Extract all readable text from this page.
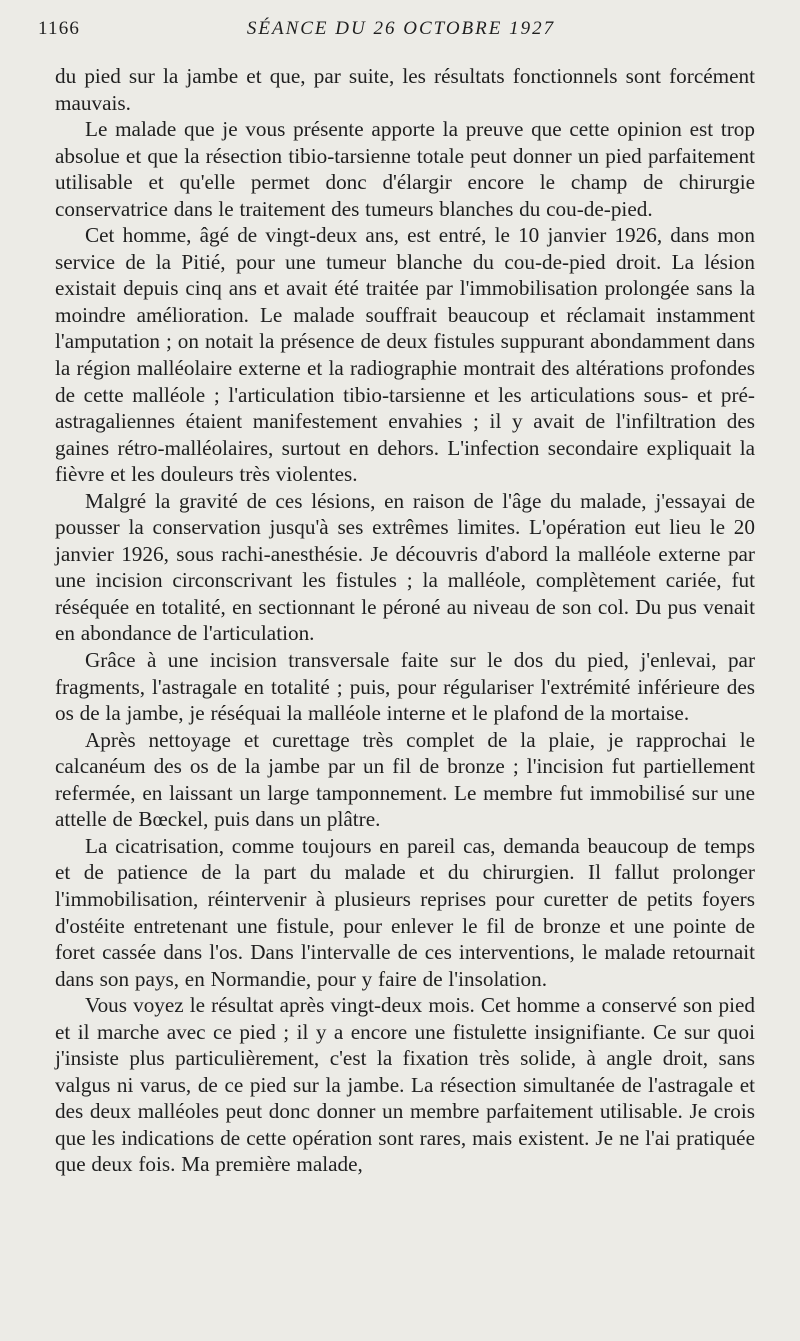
1166	SÉANCE DU 26 OCTOBRE 1927

du pied sur la jambe et que, par suite, les résultats fonctionnels sont forcément mauvais.

Le malade que je vous présente apporte la preuve que cette opinion est trop absolue et que la résection tibio-tarsienne totale peut donner un pied parfaitement utilisable et qu'elle permet donc d'élargir encore le champ de chirurgie conservatrice dans le traitement des tumeurs blanches du cou-de-pied.

Cet homme, âgé de vingt-deux ans, est entré, le 10 janvier 1926, dans mon service de la Pitié, pour une tumeur blanche du cou-de-pied droit. La lésion existait depuis cinq ans et avait été traitée par l'immobilisation prolongée sans la moindre amélioration. Le malade souffrait beaucoup et réclamait instamment l'amputation ; on notait la présence de deux fistules suppurant abondamment dans la région malléolaire externe et la radiographie montrait des altérations profondes de cette malléole ; l'articulation tibio-tarsienne et les articulations sous- et pré-astragaliennes étaient manifestement envahies ; il y avait de l'infiltration des gaines rétro-malléolaires, surtout en dehors. L'infection secondaire expliquait la fièvre et les douleurs très violentes.

Malgré la gravité de ces lésions, en raison de l'âge du malade, j'essayai de pousser la conservation jusqu'à ses extrêmes limites. L'opération eut lieu le 20 janvier 1926, sous rachi-anesthésie. Je découvris d'abord la malléole externe par une incision circonscrivant les fistules ; la malléole, complètement cariée, fut réséquée en totalité, en sectionnant le péroné au niveau de son col. Du pus venait en abondance de l'articulation.

Grâce à une incision transversale faite sur le dos du pied, j'enlevai, par fragments, l'astragale en totalité ; puis, pour régulariser l'extrémité inférieure des os de la jambe, je réséquai la malléole interne et le plafond de la mortaise.

Après nettoyage et curettage très complet de la plaie, je rapprochai le calcanéum des os de la jambe par un fil de bronze ; l'incision fut partiellement refermée, en laissant un large tamponnement. Le membre fut immobilisé sur une attelle de Bœckel, puis dans un plâtre.

La cicatrisation, comme toujours en pareil cas, demanda beaucoup de temps et de patience de la part du malade et du chirurgien. Il fallut prolonger l'immobilisation, réintervenir à plusieurs reprises pour curetter de petits foyers d'ostéite entretenant une fistule, pour enlever le fil de bronze et une pointe de foret cassée dans l'os. Dans l'intervalle de ces interventions, le malade retournait dans son pays, en Normandie, pour y faire de l'insolation.

Vous voyez le résultat après vingt-deux mois. Cet homme a conservé son pied et il marche avec ce pied ; il y a encore une fistulette insignifiante. Ce sur quoi j'insiste plus particulièrement, c'est la fixation très solide, à angle droit, sans valgus ni varus, de ce pied sur la jambe. La résection simultanée de l'astragale et des deux malléoles peut donc donner un membre parfaitement utilisable. Je crois que les indications de cette opération sont rares, mais existent. Je ne l'ai pratiquée que deux fois. Ma première malade,
